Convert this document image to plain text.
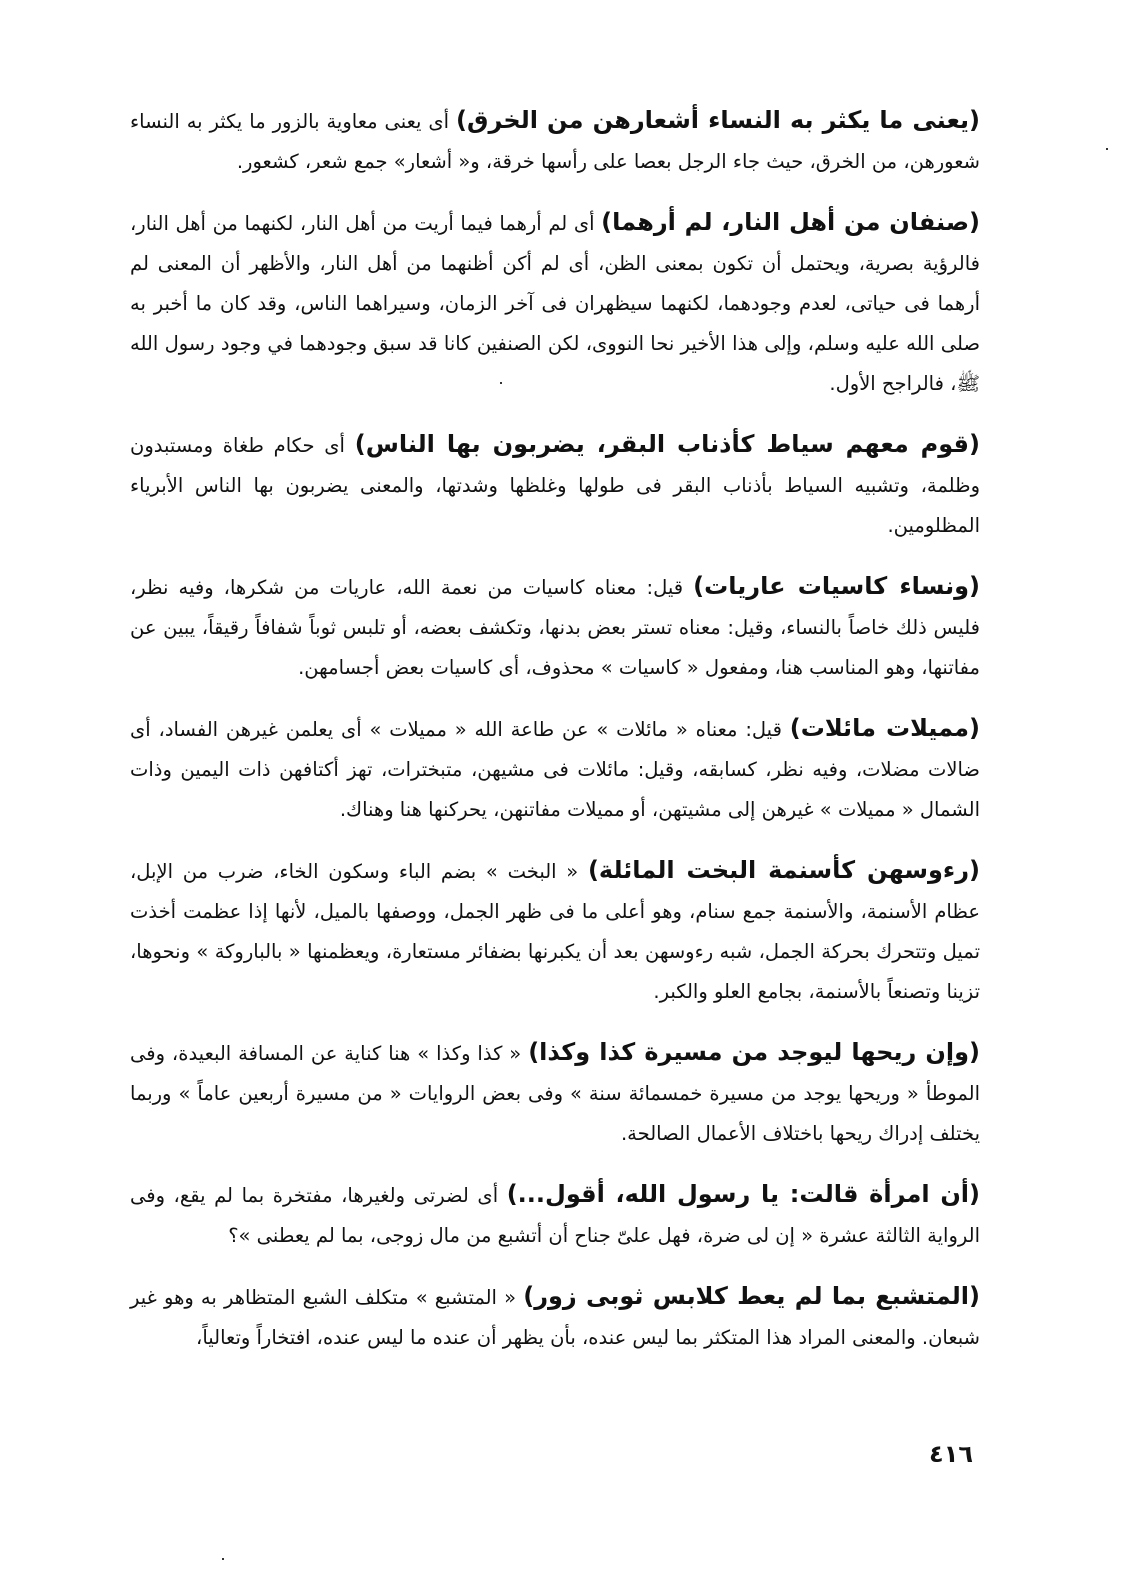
(يعنى ما يكثر به النساء أشعارهن من الخرق) أى يعنى معاوية بالزور ما يكثر به النساء شعورهن، من الخرق، حيث جاء الرجل بعصا على رأسها خرقة، و« أشعار» جمع شعر، كشعور.

(صنفان من أهل النار، لم أرهما) أى لم أرهما فيما أريت من أهل النار، لكنهما من أهل النار، فالرؤية بصرية، ويحتمل أن تكون بمعنى الظن، أى لم أكن أظنهما من أهل النار، والأظهر أن المعنى لم أرهما فى حياتى، لعدم وجودهما، لكنهما سيظهران فى آخر الزمان، وسيراهما الناس، وقد كان ما أخبر به صلى الله عليه وسلم، وإلى هذا الأخير نحا النووى، لكن الصنفين كانا قد سبق وجودهما في وجود رسول الله ﷺ، فالراجح الأول.

(قوم معهم سياط كأذناب البقر، يضربون بها الناس) أى حكام طغاة ومستبدون وظلمة، وتشبيه السياط بأذناب البقر فى طولها وغلظها وشدتها، والمعنى يضربون بها الناس الأبرياء المظلومين.

(ونساء كاسيات عاريات) قيل: معناه كاسيات من نعمة الله، عاريات من شكرها، وفيه نظر، فليس ذلك خاصاً بالنساء، وقيل: معناه تستر بعض بدنها، وتكشف بعضه، أو تلبس ثوباً شفافاً رقيقاً، يبين عن مفاتنها، وهو المناسب هنا، ومفعول « كاسيات » محذوف، أى كاسيات بعض أجسامهن.

(مميلات مائلات) قيل: معناه « مائلات » عن طاعة الله « مميلات » أى يعلمن غيرهن الفساد، أى ضالات مضلات، وفيه نظر، كسابقه، وقيل: مائلات فى مشيهن، متبخترات، تهز أكتافهن ذات اليمين وذات الشمال « مميلات » غيرهن إلى مشيتهن، أو مميلات مفاتنهن، يحركنها هنا وهناك.

(رءوسهن كأسنمة البخت المائلة) « البخت » بضم الباء وسكون الخاء، ضرب من الإبل، عظام الأسنمة، والأسنمة جمع سنام، وهو أعلى ما فى ظهر الجمل، ووصفها بالميل، لأنها إذا عظمت أخذت تميل وتتحرك بحركة الجمل، شبه رءوسهن بعد أن يكبرنها بضفائر مستعارة، ويعظمنها « بالباروكة » ونحوها، تزينا وتصنعاً بالأسنمة، بجامع العلو والكبر.

(وإن ريحها ليوجد من مسيرة كذا وكذا) « كذا وكذا » هنا كناية عن المسافة البعيدة، وفى الموطأ « وريحها يوجد من مسيرة خمسمائة سنة » وفى بعض الروايات « من مسيرة أربعين عاماً » وربما يختلف إدراك ريحها باختلاف الأعمال الصالحة.

(أن امرأة قالت: يا رسول الله، أقول...) أى لضرتى ولغيرها، مفتخرة بما لم يقع، وفى الرواية الثالثة عشرة « إن لى ضرة، فهل علىّ جناح أن أتشبع من مال زوجى، بما لم يعطنى »؟

(المتشبع بما لم يعط كلابس ثوبى زور) « المتشبع » متكلف الشبع المتظاهر به وهو غير شبعان. والمعنى المراد هذا المتكثر بما ليس عنده، بأن يظهر أن عنده ما ليس عنده، افتخاراً وتعالياً،

٤١٦
